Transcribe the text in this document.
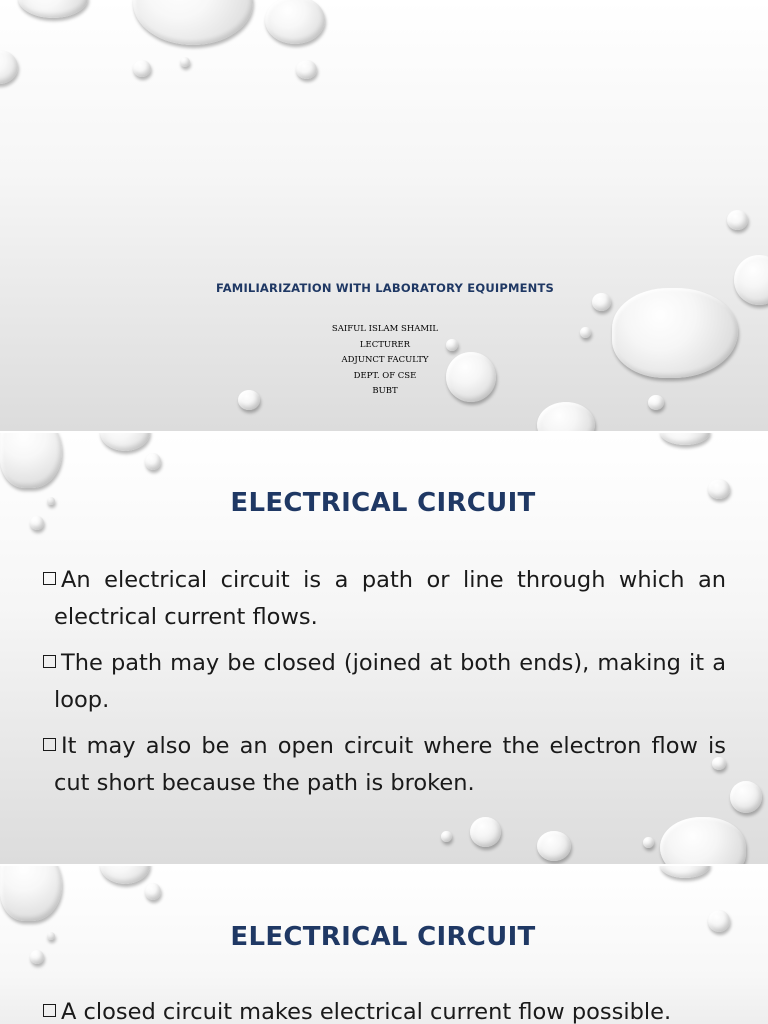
FAMILIARIZATION WITH LABORATORY EQUIPMENTS
SAIFUL ISLAM SHAMIL
LECTURER
ADJUNCT FACULTY
DEPT. OF CSE
BUBT
ELECTRICAL CIRCUIT
An electrical circuit is a path or line through which an electrical current flows.
The path may be closed (joined at both ends), making it a loop.
It may also be an open circuit where the electron flow is cut short because the path is broken.
ELECTRICAL CIRCUIT
A closed circuit makes electrical current flow possible.
